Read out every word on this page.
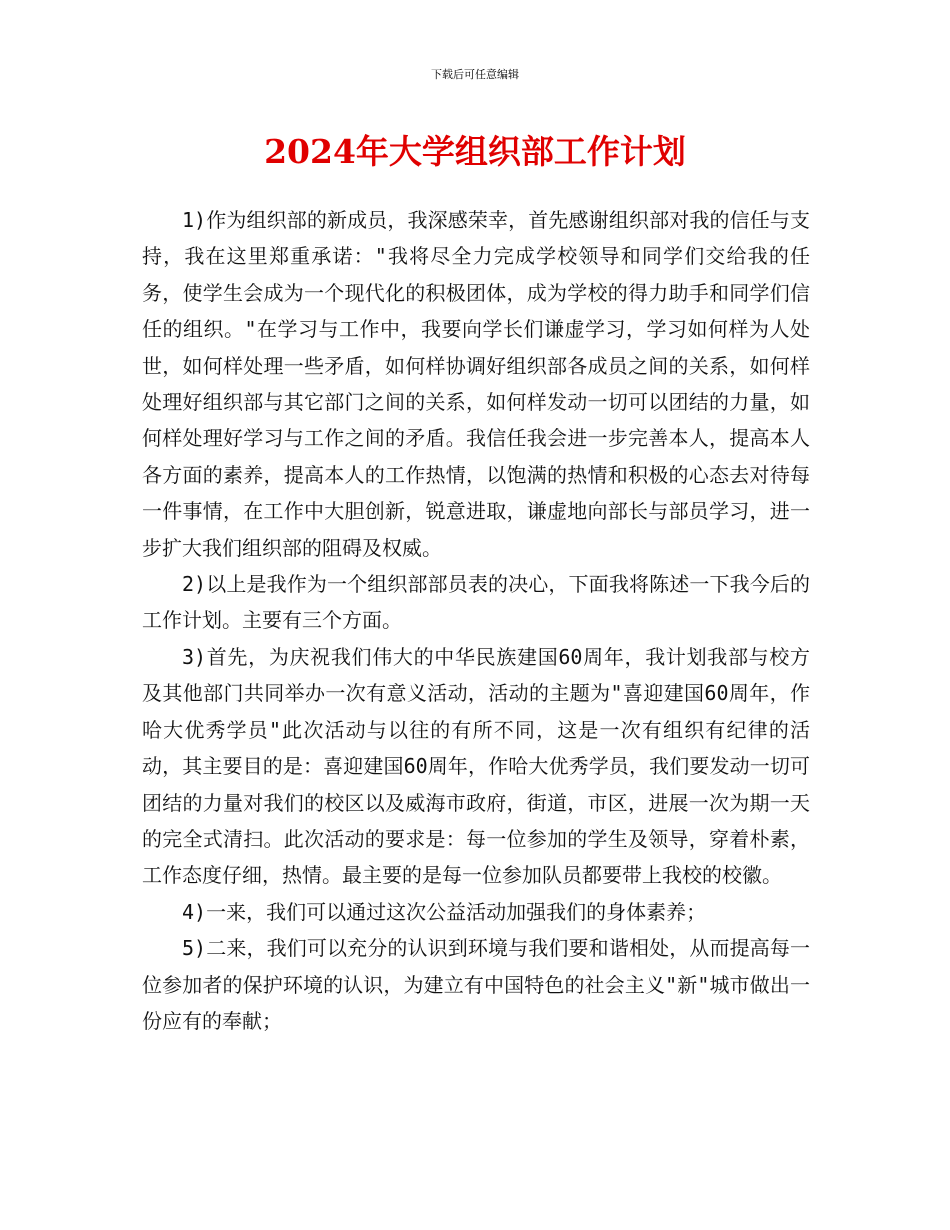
下载后可任意编辑
2024年大学组织部工作计划

1)作为组织部的新成员，我深感荣幸，首先感谢组织部对我的信任与支持，我在这里郑重承诺："我将尽全力完成学校领导和同学们交给我的任务，使学生会成为一个现代化的积极团体，成为学校的得力助手和同学们信任的组织。"在学习与工作中，我要向学长们谦虚学习，学习如何样为人处世，如何样处理一些矛盾，如何样协调好组织部各成员之间的关系，如何样处理好组织部与其它部门之间的关系，如何样发动一切可以团结的力量，如何样处理好学习与工作之间的矛盾。我信任我会进一步完善本人，提高本人各方面的素养，提高本人的工作热情，以饱满的热情和积极的心态去对待每一件事情，在工作中大胆创新，锐意进取，谦虚地向部长与部员学习，进一步扩大我们组织部的阻碍及权威。

2)以上是我作为一个组织部部员表的决心，下面我将陈述一下我今后的工作计划。主要有三个方面。

3)首先，为庆祝我们伟大的中华民族建国60周年，我计划我部与校方及其他部门共同举办一次有意义活动，活动的主题为"喜迎建国60周年，作哈大优秀学员"此次活动与以往的有所不同，这是一次有组织有纪律的活动，其主要目的是：喜迎建国60周年，作哈大优秀学员，我们要发动一切可团结的力量对我们的校区以及威海市政府，街道，市区，进展一次为期一天的完全式清扫。此次活动的要求是：每一位参加的学生及领导，穿着朴素，工作态度仔细，热情。最主要的是每一位参加队员都要带上我校的校徽。

4)一来，我们可以通过这次公益活动加强我们的身体素养；

5)二来，我们可以充分的认识到环境与我们要和谐相处，从而提高每一位参加者的保护环境的认识，为建立有中国特色的社会主义"新"城市做出一份应有的奉献；
